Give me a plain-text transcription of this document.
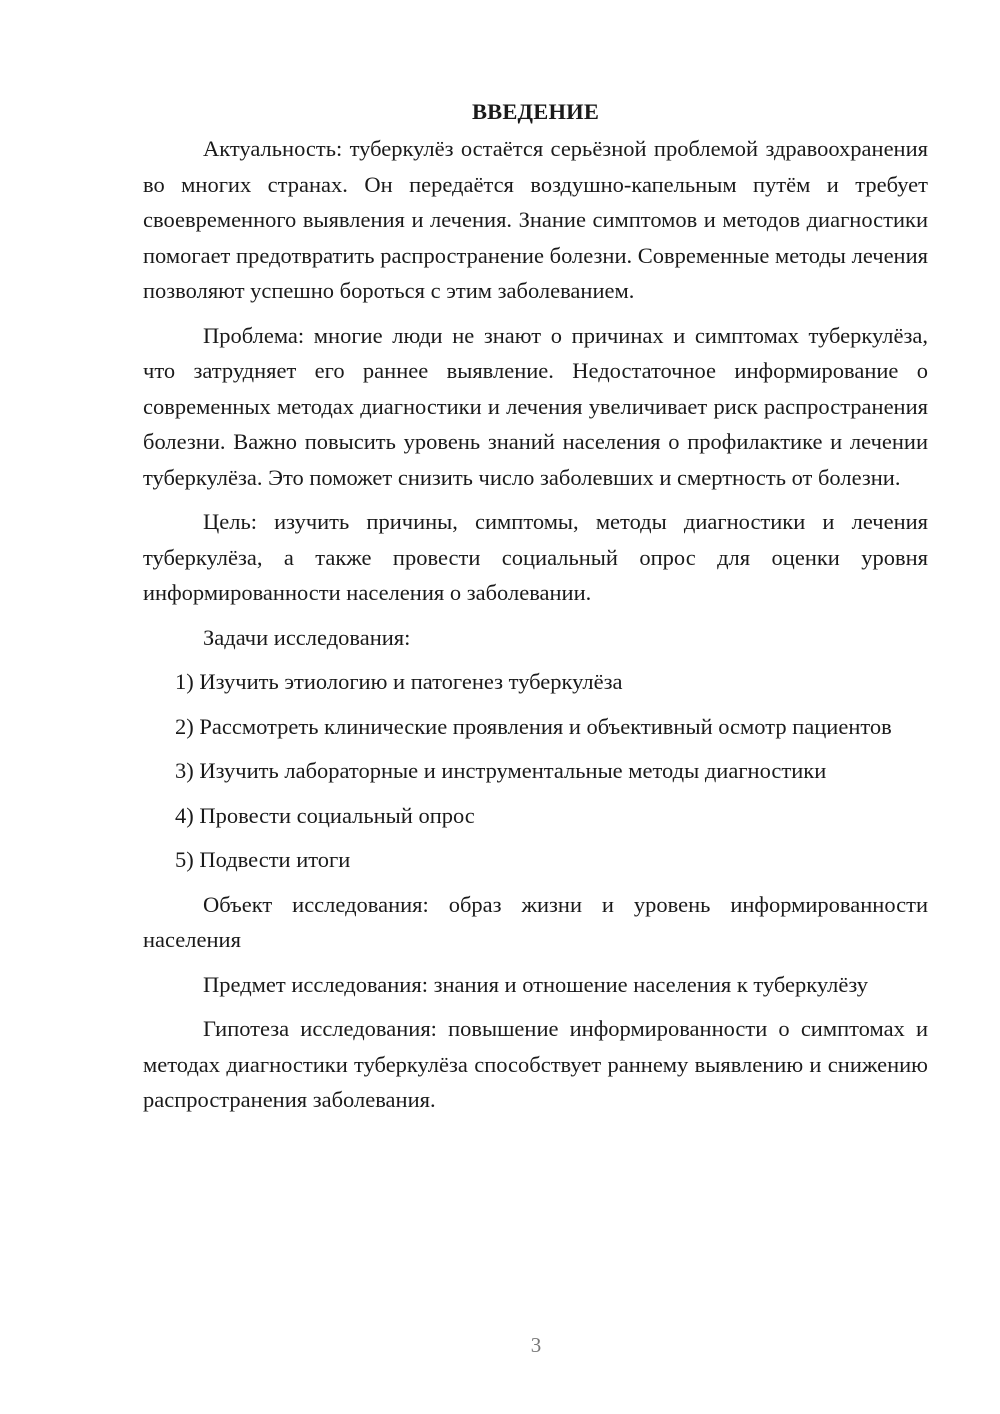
ВВЕДЕНИЕ

Актуальность: туберкулёз остаётся серьёзной проблемой здравоохранения во многих странах. Он передаётся воздушно-капельным путём и требует своевременного выявления и лечения. Знание симптомов и методов диагностики помогает предотвратить распространение болезни. Современные методы лечения позволяют успешно бороться с этим заболеванием.

Проблема: многие люди не знают о причинах и симптомах туберкулёза, что затрудняет его раннее выявление. Недостаточное информирование о современных методах диагностики и лечения увеличивает риск распространения болезни. Важно повысить уровень знаний населения о профилактике и лечении туберкулёза. Это поможет снизить число заболевших и смертность от болезни.

Цель: изучить причины, симптомы, методы диагностики и лечения туберкулёза, а также провести социальный опрос для оценки уровня информированности населения о заболевании.

Задачи исследования:

1) Изучить этиологию и патогенез туберкулёза

2) Рассмотреть клинические проявления и объективный осмотр пациентов

3) Изучить лабораторные и инструментальные методы диагностики

4) Провести социальный опрос

5) Подвести итоги

Объект исследования: образ жизни и уровень информированности населения

Предмет исследования: знания и отношение населения к туберкулёзу

Гипотеза исследования: повышение информированности о симптомах и методах диагностики туберкулёза способствует раннему выявлению и снижению распространения заболевания.

3
